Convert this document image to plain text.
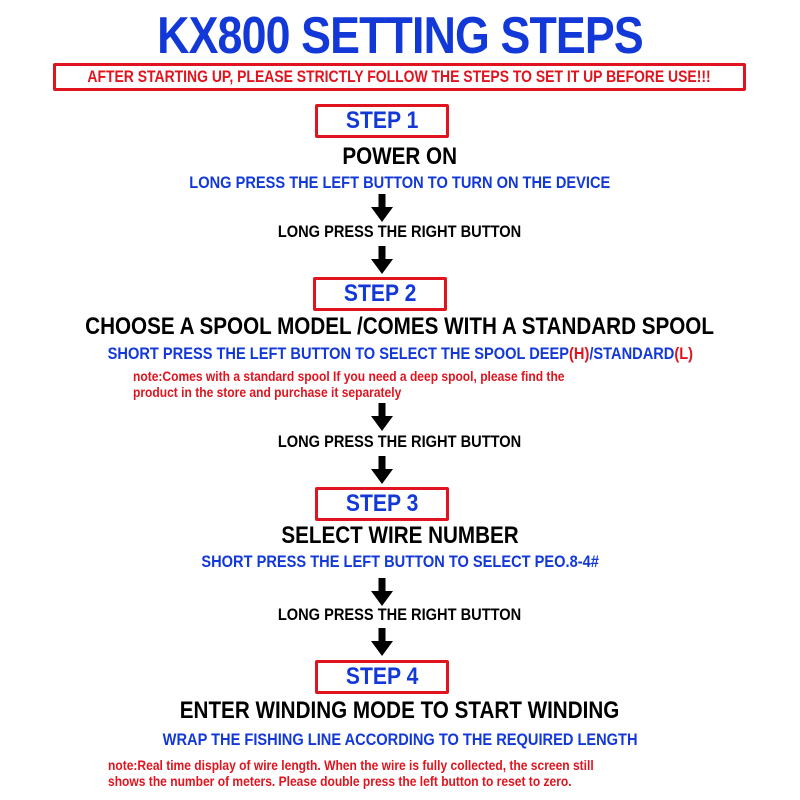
KX800 SETTING STEPS
AFTER STARTING UP, PLEASE STRICTLY FOLLOW THE STEPS TO SET IT UP BEFORE USE!!!
STEP 1
POWER ON
LONG PRESS THE LEFT BUTTON TO TURN ON THE DEVICE
LONG PRESS THE RIGHT BUTTON
STEP 2
CHOOSE A SPOOL MODEL /COMES WITH A STANDARD SPOOL
SHORT PRESS THE LEFT BUTTON TO SELECT THE SPOOL DEEP(H)/STANDARD(L)
note:Comes with a standard spool If you need a deep spool, please find the
product in the store and purchase it separately
LONG PRESS THE RIGHT BUTTON
STEP 3
SELECT WIRE NUMBER
SHORT PRESS THE LEFT BUTTON TO SELECT PEO.8-4#
LONG PRESS THE RIGHT BUTTON
STEP 4
ENTER WINDING MODE TO START WINDING
WRAP THE FISHING LINE ACCORDING TO THE REQUIRED LENGTH
note:Real time display of wire length. When the wire is fully collected, the screen still
shows the number of meters. Please double press the left button to reset to zero.
